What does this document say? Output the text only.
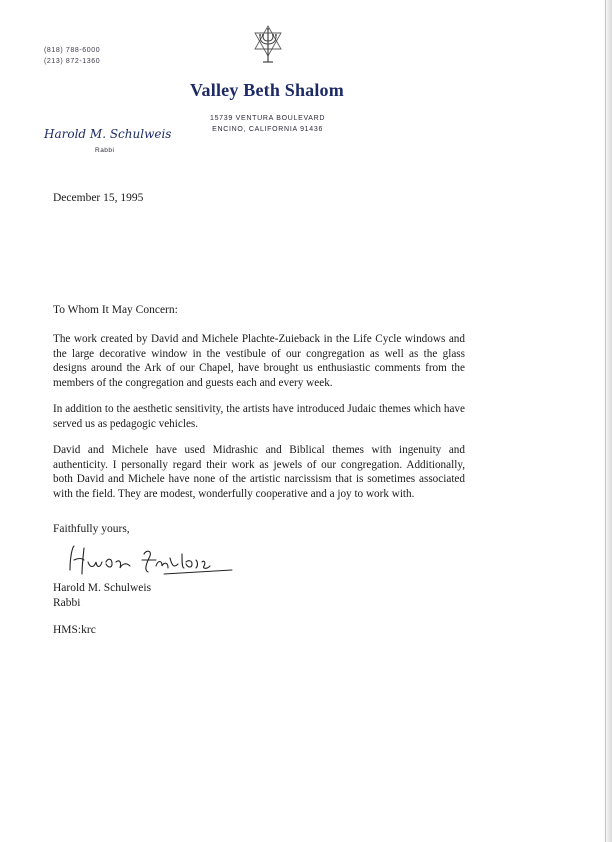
(818) 788-6000
(213) 872-1360
Valley Beth Shalom
15739 VENTURA BOULEVARD
ENCINO, CALIFORNIA 91436
Harold M. Schulweis
Rabbi
December 15, 1995
To Whom It May Concern:

The work created by David and Michele Plachte-Zuieback in the Life Cycle windows and the large decorative window in the vestibule of our congregation as well as the glass designs around the Ark of our Chapel, have brought us enthusiastic comments from the members of the congregation and guests each and every week.

In addition to the aesthetic sensitivity, the artists have introduced Judaic themes which have served us as pedagogic vehicles.

David and Michele have used Midrashic and Biblical themes with ingenuity and authenticity. I personally regard their work as jewels of our congregation. Additionally, both David and Michele have none of the artistic narcissism that is sometimes associated with the field. They are modest, wonderfully cooperative and a joy to work with.

Faithfully yours,
Harold M. Schulweis
Rabbi
HMS:krc
